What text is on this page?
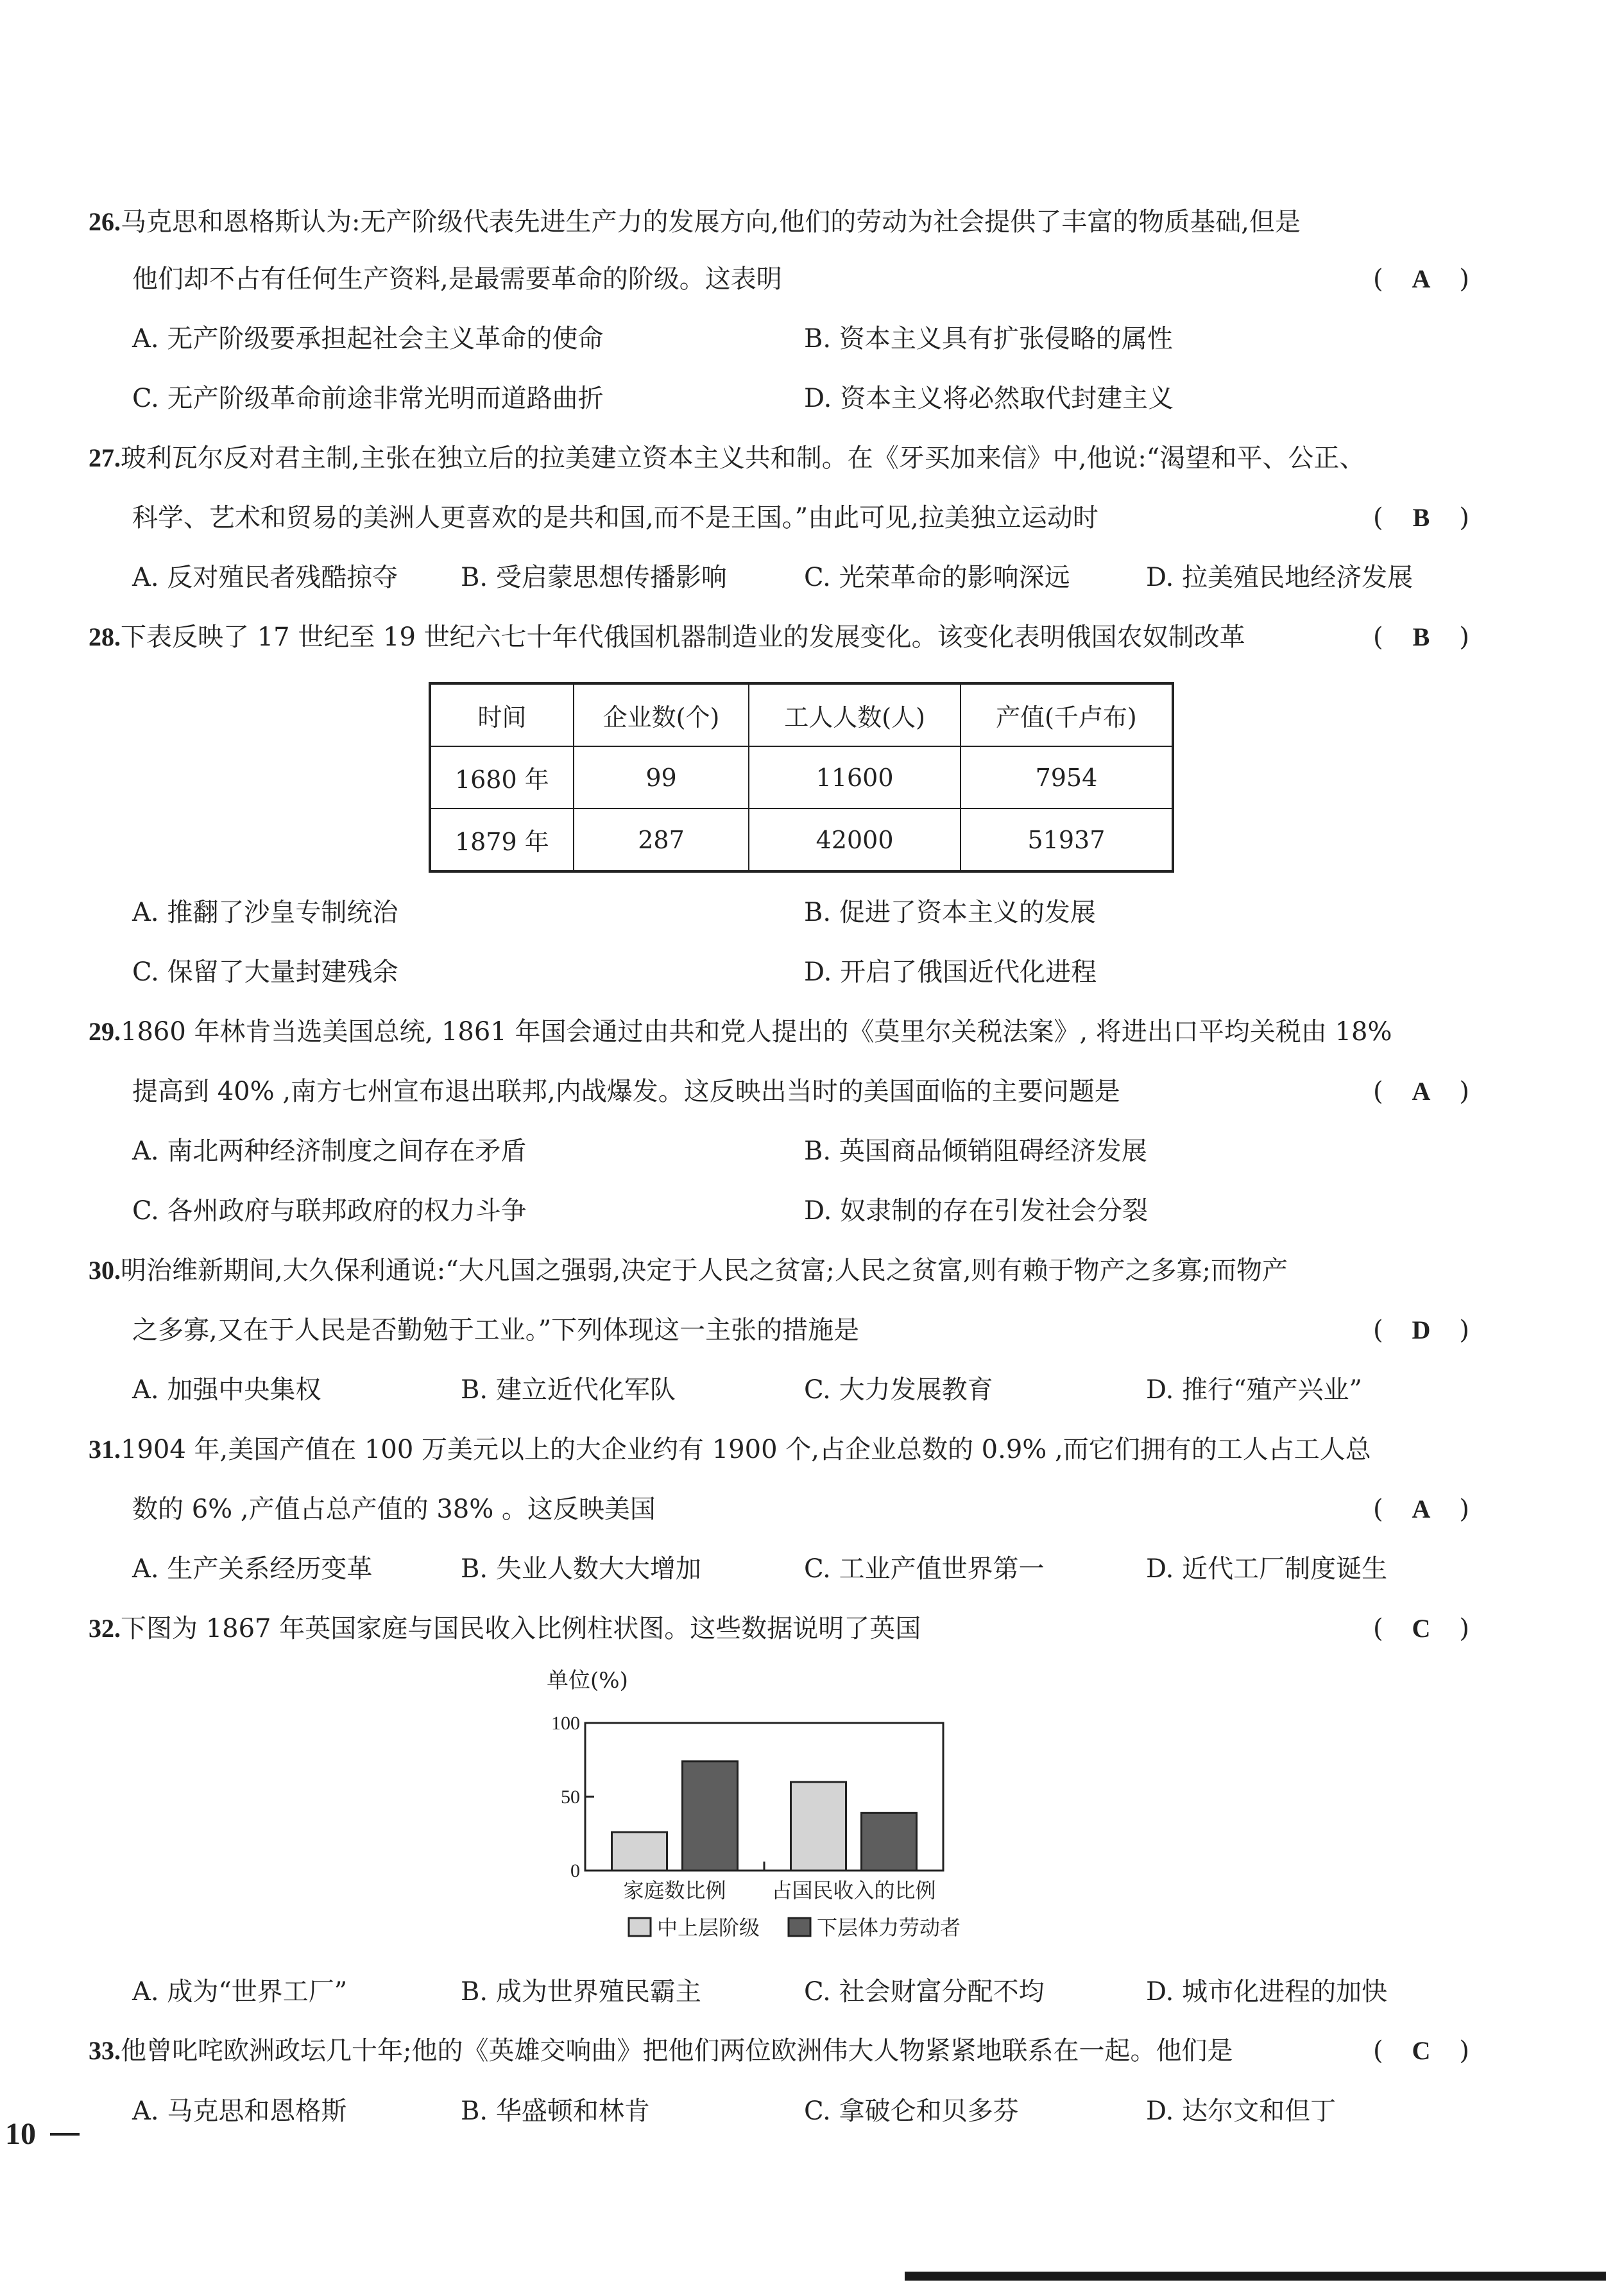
26.马克思和恩格斯认为:无产阶级代表先进生产力的发展方向,他们的劳动为社会提供了丰富的物质基础,但是
他们却不占有任何生产资料,是最需要革命的阶级。这表明	( A )
A. 无产阶级要承担起社会主义革命的使命	B. 资本主义具有扩张侵略的属性
C. 无产阶级革命前途非常光明而道路曲折	D. 资本主义将必然取代封建主义
27.玻利瓦尔反对君主制,主张在独立后的拉美建立资本主义共和制。在《牙买加来信》中,他说:“渴望和平、公正、
科学、艺术和贸易的美洲人更喜欢的是共和国,而不是王国。”由此可见,拉美独立运动时	( B )
A. 反对殖民者残酷掠夺 B. 受启蒙思想传播影响	C. 光荣革命的影响深远	D. 拉美殖民地经济发展
28.下表反映了 17 世纪至 19 世纪六七十年代俄国机器制造业的发展变化。该变化表明俄国农奴制改革	( B )
时间	企业数(个)	工人人数(人)	产值(千卢布)
1680 年	99	11600	7954
1879 年	287	42000	51937
A. 推翻了沙皇专制统治	B. 促进了资本主义的发展
C. 保留了大量封建残余	D. 开启了俄国近代化进程
29.1860 年林肯当选美国总统, 1861 年国会通过由共和党人提出的《莫里尔关税法案》, 将进出口平均关税由 18%
提高到 40% ,南方七州宣布退出联邦,内战爆发。这反映出当时的美国面临的主要问题是	( A )
A. 南北两种经济制度之间存在矛盾	B. 英国商品倾销阻碍经济发展
C. 各州政府与联邦政府的权力斗争	D. 奴隶制的存在引发社会分裂
30.明治维新期间,大久保利通说:“大凡国之强弱,决定于人民之贫富;人民之贫富,则有赖于物产之多寡;而物产
之多寡,又在于人民是否勤勉于工业。”下列体现这一主张的措施是	( D )
A. 加强中央集权	B. 建立近代化军队	C. 大力发展教育	D. 推行“殖产兴业”
31.1904 年,美国产值在 100 万美元以上的大企业约有 1900 个,占企业总数的 0.9% ,而它们拥有的工人占工人总
数的 6% ,产值占总产值的 38% 。这反映美国	( A )
A. 生产关系经历变革	B. 失业人数大大增加	C. 工业产值世界第一	D. 近代工厂制度诞生
32.下图为 1867 年英国家庭与国民收入比例柱状图。这些数据说明了英国	( C )
单位(%)
0
50
100
家庭数比例 占国民收入的比例
中上层阶级	下层体力劳动者
A. 成为“世界工厂”	B. 成为世界殖民霸主	C. 社会财富分配不均	D. 城市化进程的加快
33.他曾叱咤欧洲政坛几十年;他的《英雄交响曲》把他们两位欧洲伟大人物紧紧地联系在一起。他们是	( C )
A. 马克思和恩格斯	B. 华盛顿和林肯	C. 拿破仑和贝多芬	D. 达尔文和但丁
10
